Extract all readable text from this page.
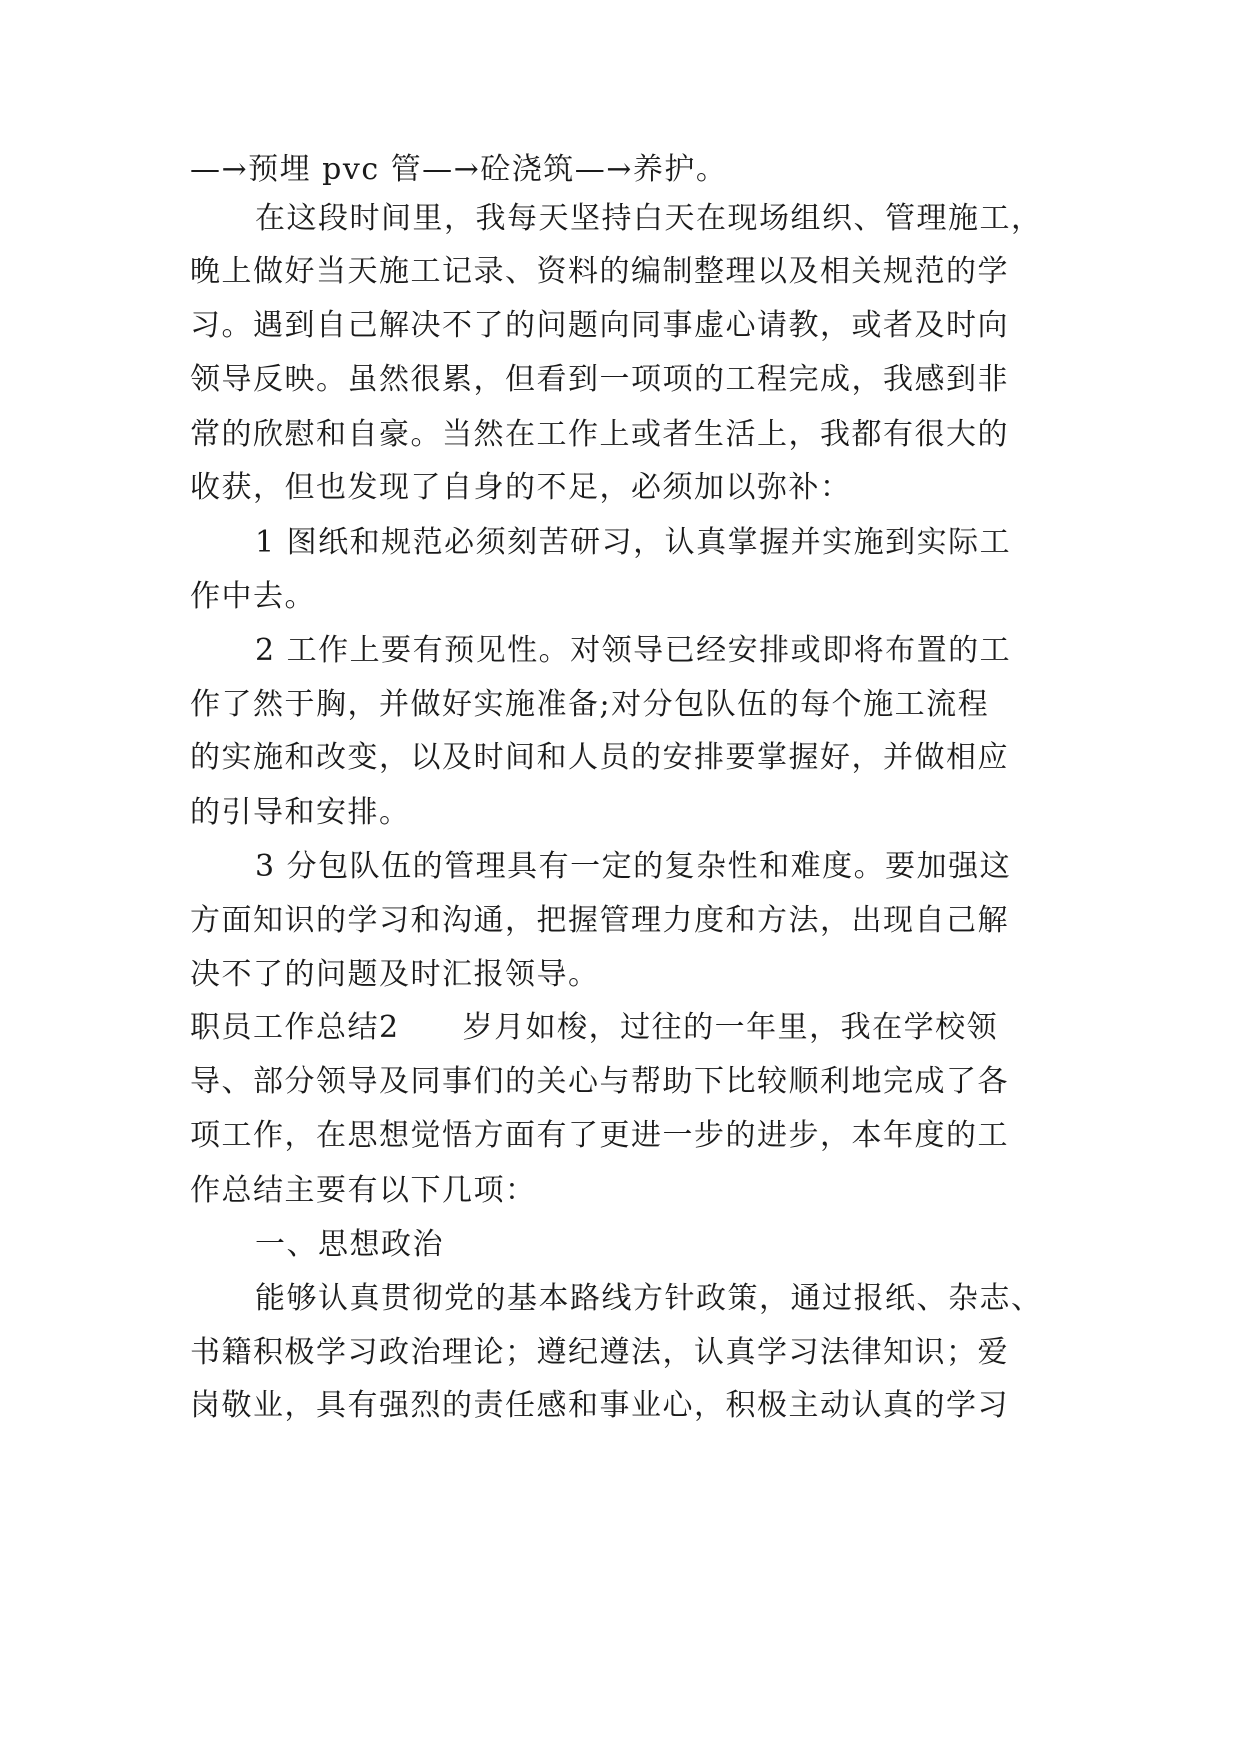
—→预埋 pvc 管—→砼浇筑—→养护。
在这段时间里，我每天坚持白天在现场组织、管理施工，
晚上做好当天施工记录、资料的编制整理以及相关规范的学
习。遇到自己解决不了的问题向同事虚心请教，或者及时向
领导反映。虽然很累，但看到一项项的工程完成，我感到非
常的欣慰和自豪。当然在工作上或者生活上，我都有很大的
收获，但也发现了自身的不足，必须加以弥补：
1 图纸和规范必须刻苦研习，认真掌握并实施到实际工
作中去。
2 工作上要有预见性。对领导已经安排或即将布置的工
作了然于胸，并做好实施准备;对分包队伍的每个施工流程
的实施和改变，以及时间和人员的安排要掌握好，并做相应
的引导和安排。
3 分包队伍的管理具有一定的复杂性和难度。要加强这
方面知识的学习和沟通，把握管理力度和方法，出现自己解
决不了的问题及时汇报领导。
职员工作总结2　　岁月如梭，过往的一年里，我在学校领
导、部分领导及同事们的关心与帮助下比较顺利地完成了各
项工作，在思想觉悟方面有了更进一步的进步，本年度的工
作总结主要有以下几项：
一、思想政治
能够认真贯彻党的基本路线方针政策，通过报纸、杂志、
书籍积极学习政治理论；遵纪遵法，认真学习法律知识；爱
岗敬业，具有强烈的责任感和事业心，积极主动认真的学习
